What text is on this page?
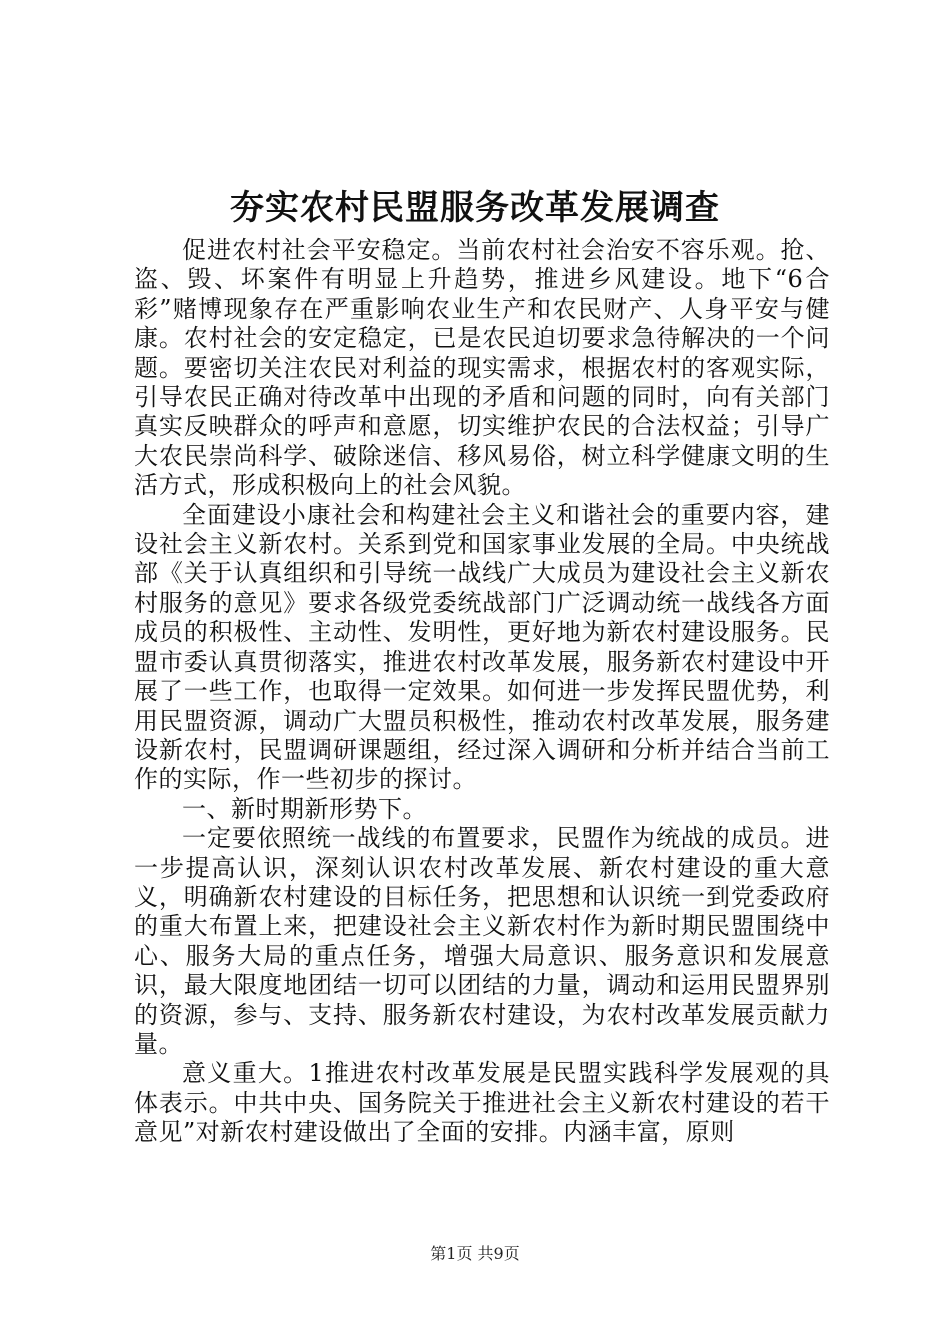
夯实农村民盟服务改革发展调查

促进农村社会平安稳定。当前农村社会治安不容乐观。抢、盗、毁、坏案件有明显上升趋势，推进乡风建设。地下“6合彩”赌博现象存在严重影响农业生产和农民财产、人身平安与健康。农村社会的安定稳定，已是农民迫切要求急待解决的一个问题。要密切关注农民对利益的现实需求，根据农村的客观实际，引导农民正确对待改革中出现的矛盾和问题的同时，向有关部门真实反映群众的呼声和意愿，切实维护农民的合法权益；引导广大农民崇尚科学、破除迷信、移风易俗，树立科学健康文明的生活方式，形成积极向上的社会风貌。

全面建设小康社会和构建社会主义和谐社会的重要内容，建设社会主义新农村。关系到党和国家事业发展的全局。中央统战部《关于认真组织和引导统一战线广大成员为建设社会主义新农村服务的意见》要求各级党委统战部门广泛调动统一战线各方面成员的积极性、主动性、发明性，更好地为新农村建设服务。民盟市委认真贯彻落实，推进农村改革发展，服务新农村建设中开展了一些工作，也取得一定效果。如何进一步发挥民盟优势，利用民盟资源，调动广大盟员积极性，推动农村改革发展，服务建设新农村，民盟调研课题组，经过深入调研和分析并结合当前工作的实际，作一些初步的探讨。

一、新时期新形势下。

一定要依照统一战线的布置要求，民盟作为统战的成员。进一步提高认识，深刻认识农村改革发展、新农村建设的重大意义，明确新农村建设的目标任务，把思想和认识统一到党委政府的重大布置上来，把建设社会主义新农村作为新时期民盟围绕中心、服务大局的重点任务，增强大局意识、服务意识和发展意识，最大限度地团结一切可以团结的力量，调动和运用民盟界别的资源，参与、支持、服务新农村建设，为农村改革发展贡献力量。

意义重大。1推进农村改革发展是民盟实践科学发展观的具体表示。中共中央、国务院关于推进社会主义新农村建设的若干意见”对新农村建设做出了全面的安排。内涵丰富，原则

第1页 共9页
